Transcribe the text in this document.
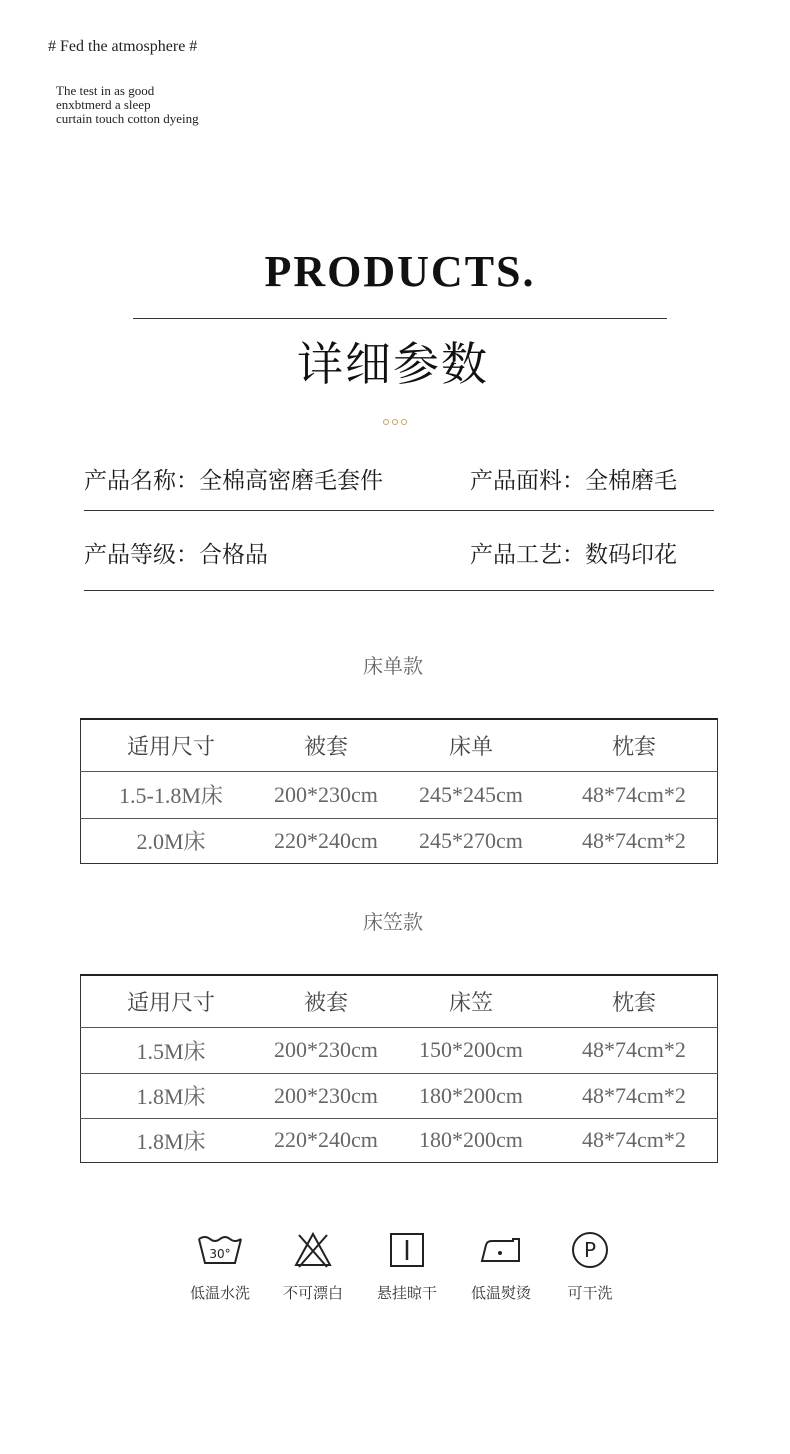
# Fed the atmosphere #
The test in as good
enxbtmerd a sleep
curtain touch cotton dyeing
PRODUCTS.
详细参数
产品名称：全棉高密磨毛套件	产品面料：全棉磨毛
产品等级：合格品	产品工艺：数码印花
床单款
适用尺寸	被套	床单	枕套
1.5-1.8M床	200*230cm	245*245cm	48*74cm*2
2.0M床	220*240cm	245*270cm	48*74cm*2
床笠款
适用尺寸	被套	床笠	枕套
1.5M床	200*230cm	150*200cm	48*74cm*2
1.8M床	200*230cm	180*200cm	48*74cm*2
1.8M床	220*240cm	180*200cm	48*74cm*2
30°
低温水洗	不可漂白	悬挂晾干	低温熨烫
P
可干洗
